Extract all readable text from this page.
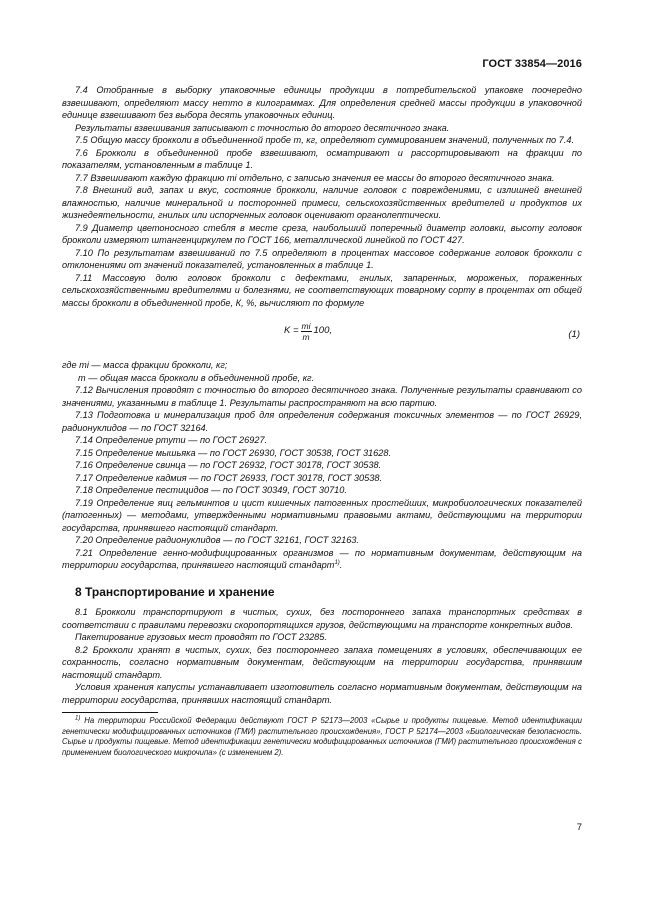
ГОСТ 33854—2016

7.4 Отобранные в выборку упаковочные единицы продукции в потребительской упаковке поочередно взвешивают, определяют массу нетто в килограммах. Для определения средней массы продукции в упаковочной единице взвешивают без выбора десять упаковочных единиц.

Результаты взвешивания записывают с точностью до второго десятичного знака.

7.5 Общую массу брокколи в объединенной пробе m, кг, определяют суммированием значений, полученных по 7.4.

7.6 Брокколи в объединенной пробе взвешивают, осматривают и рассортировывают на фракции по показателям, установленным в таблице 1.

7.7 Взвешивают каждую фракцию mi отдельно, с записью значения ее массы до второго десятичного знака.

7.8 Внешний вид, запах и вкус, состояние брокколи, наличие головок с повреждениями, с излишней внешней влажностью, наличие минеральной и посторонней примеси, сельскохозяйственных вредителей и продуктов их жизнедеятельности, гнилых или испорченных головок оценивают органолептически.

7.9 Диаметр цветоносного стебля в месте среза, наибольший поперечный диаметр головки, высоту головок брокколи измеряют штангенциркулем по ГОСТ 166, металлической линейкой по ГОСТ 427.

7.10 По результатам взвешиваний по 7.5 определяют в процентах массовое содержание головок брокколи с отклонениями от значений показателей, установленных в таблице 1.

7.11 Массовую долю головок брокколи с дефектами, гнилых, запаренных, мороженых, пораженных сельскохозяйственными вредителями и болезнями, не соответствующих товарному сорту в процентах от общей массы брокколи в объединенной пробе, К, %, вычисляют по формуле

$K = \frac{mi}{m} 100$,	(1)

где mi — масса фракции брокколи, кг;

m — общая масса брокколи в объединенной пробе, кг.

7.12 Вычисления проводят с точностью до второго десятичного знака. Полученные результаты сравнивают со значениями, указанными в таблице 1. Результаты распространяют на всю партию.

7.13 Подготовка и минерализация проб для определения содержания токсичных элементов — по ГОСТ 26929, радионуклидов — по ГОСТ 32164.

7.14 Определение ртути — по ГОСТ 26927.

7.15 Определение мышьяка — по ГОСТ 26930, ГОСТ 30538, ГОСТ 31628.

7.16 Определение свинца — по ГОСТ 26932, ГОСТ 30178, ГОСТ 30538.

7.17 Определение кадмия — по ГОСТ 26933, ГОСТ 30178, ГОСТ 30538.

7.18 Определение пестицидов — по ГОСТ 30349, ГОСТ 30710.

7.19 Определение яиц гельминтов и цист кишечных патогенных простейших, микробиологических показателей (патогенных) — методами, утвержденными нормативными правовыми актами, действующими на территории государства, принявшего настоящий стандарт.

7.20 Определение радионуклидов — по ГОСТ 32161, ГОСТ 32163.

7.21 Определение генно-модифицированных организмов — по нормативным документам, действующим на территории государства, принявшего настоящий стандарт$^{1)}$.

8 Транспортирование и хранение

8.1 Брокколи транспортируют в чистых, сухих, без постороннего запаха транспортных средствах в соответствии с правилами перевозки скоропортящихся грузов, действующими на транспорте конкретных видов.

Пакетирование грузовых мест проводят по ГОСТ 23285.

8.2 Брокколи хранят в чистых, сухих, без постороннего запаха помещениях в условиях, обеспечивающих ее сохранность, согласно нормативным документам, действующим на территории государства, принявшим настоящий стандарт.

Условия хранения капусты устанавливает изготовитель согласно нормативным документам, действующим на территории государства, принявших настоящий стандарт.

$^{1)}$ На территории Российской Федерации действуют ГОСТ Р 52173—2003 «Сырье и продукты пищевые. Метод идентификации генетически модифицированных источников (ГМИ) растительного происхождения», ГОСТ Р 52174—2003 «Биологическая безопасность. Сырье и продукты пищевые. Метод идентификации генетически модифицированных источников (ГМИ) растительного происхождения с применением биологического микрочипа» (с изменением 2).

7
